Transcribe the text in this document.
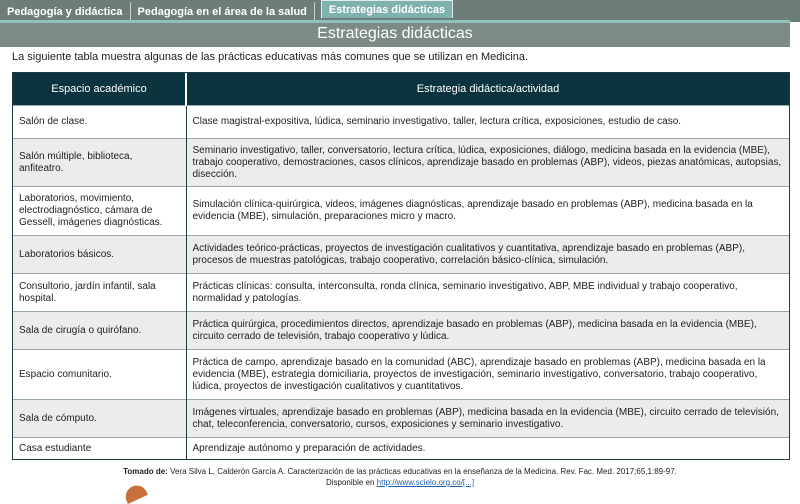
Pedagogía y didáctica	Pedagogía en el área de la salud	Estrategias didácticas
Estrategias didácticas
La siguiente tabla muestra algunas de las prácticas educativas más comunes que se utilizan en Medicina.
Espacio académico	Estrategia didáctica/actividad
Salón de clase.	Clase magistral-expositiva, lúdica, seminario investigativo, taller, lectura crítica, exposiciones, estudio de caso.
Salón múltiple, biblioteca, anfiteatro.	Seminario investigativo, taller, conversatorio, lectura crítica, lúdica, exposiciones, diálogo, medicina basada en la evidencia (MBE), trabajo cooperativo, demostraciones, casos clínicos, aprendizaje basado en problemas (ABP), videos, piezas anatómicas, autopsias, disección.
Laboratorios, movimiento, electrodiagnóstico, cámara de Gessell, imágenes diagnósticas.	Simulación clínica-quirúrgica, videos, imágenes diagnósticas, aprendizaje basado en problemas (ABP), medicina basada en la evidencia (MBE), simulación, preparaciones micro y macro.
Laboratorios básicos.	Actividades teórico-prácticas, proyectos de investigación cualitativos y cuantitativa, aprendizaje basado en problemas (ABP), procesos de muestras patológicas, trabajo cooperativo, correlación básico-clínica, simulación.
Consultorio, jardín infantil, sala hospital.	Prácticas clínicas: consulta, interconsulta, ronda clínica, seminario investigativo, ABP, MBE individual y trabajo cooperativo, normalidad y patologías.
Sala de cirugía o quirófano.	Práctica quirúrgica, procedimientos directos, aprendizaje basado en problemas (ABP), medicina basada en la evidencia (MBE), circuito cerrado de televisión, trabajo cooperativo y lúdica.
Espacio comunitario.	Práctica de campo, aprendizaje basado en la comunidad (ABC), aprendizaje basado en problemas (ABP), medicina basada en la evidencia (MBE), estrategia domiciliaria, proyectos de investigación, seminario investigativo, conversatorio, trabajo cooperativo, lúdica, proyectos de investigación cualitativos y cuantitativos.
Sala de cómputo.	Imágenes virtuales, aprendizaje basado en problemas (ABP), medicina basada en la evidencia (MBE), circuito cerrado de televisión, chat, teleconferencia, conversatorio, cursos, exposiciones y seminario investigativo.
Casa estudiante	Aprendizaje autónomo y preparación de actividades.
Tomado de: Vera Silva L, Calderón García A. Caracterización de las prácticas educativas en la enseñanza de la Medicina. Rev. Fac. Med. 2017;65,1:89-97.
Disponible en http://www.scielo.org.co/[...]
